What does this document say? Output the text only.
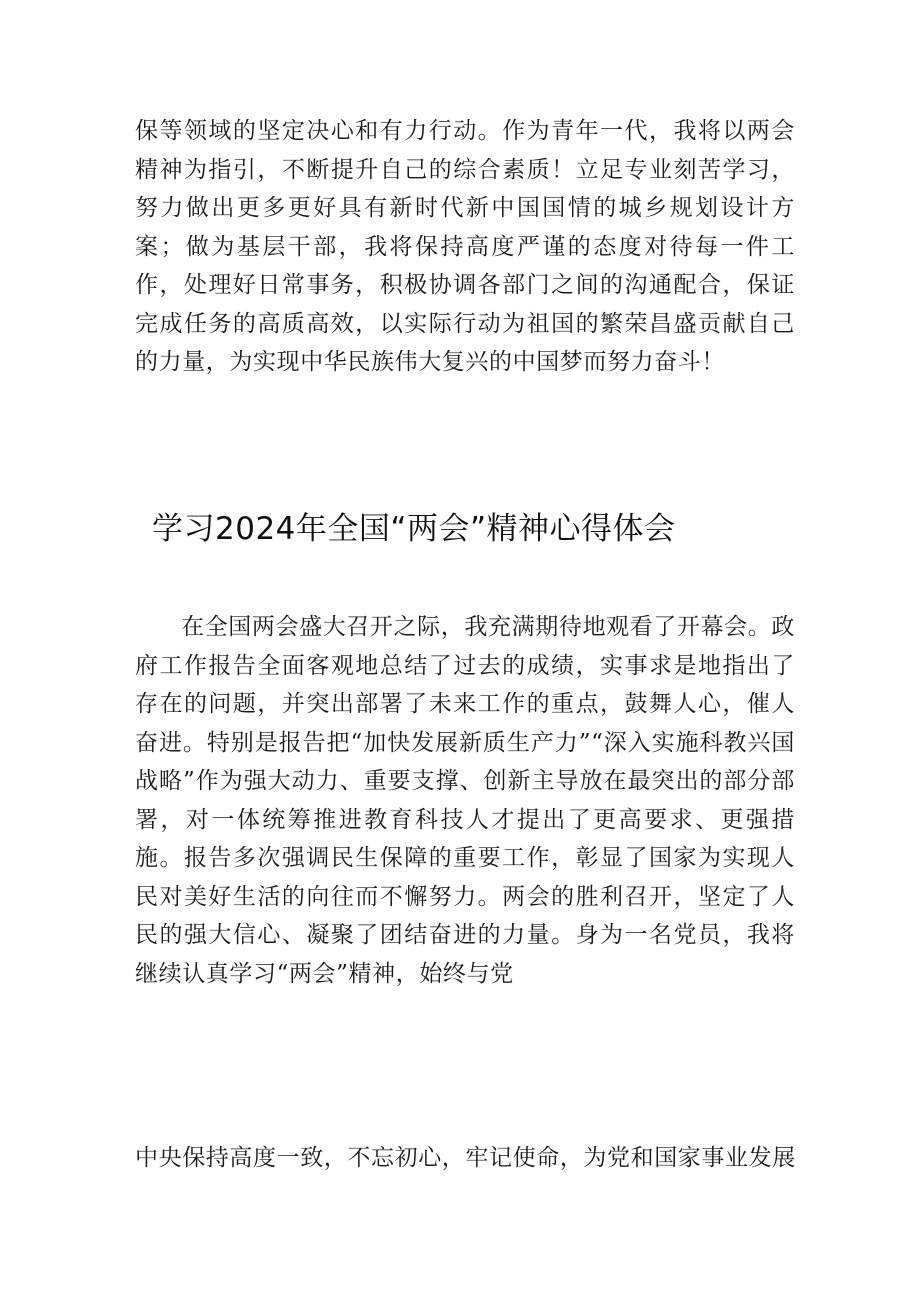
保等领域的坚定决心和有力行动。作为青年一代，我将以两会精神为指引，不断提升自己的综合素质！立足专业刻苦学习，努力做出更多更好具有新时代新中国国情的城乡规划设计方案；做为基层干部，我将保持高度严谨的态度对待每一件工作，处理好日常事务，积极协调各部门之间的沟通配合，保证完成任务的高质高效，以实际行动为祖国的繁荣昌盛贡献自己的力量，为实现中华民族伟大复兴的中国梦而努力奋斗！

学习2024年全国“两会”精神心得体会

在全国两会盛大召开之际，我充满期待地观看了开幕会。政府工作报告全面客观地总结了过去的成绩，实事求是地指出了存在的问题，并突出部署了未来工作的重点，鼓舞人心，催人奋进。特别是报告把“加快发展新质生产力”“深入实施科教兴国战略”作为强大动力、重要支撑、创新主导放在最突出的部分部署，对一体统筹推进教育科技人才提出了更高要求、更强措施。报告多次强调民生保障的重要工作，彰显了国家为实现人民对美好生活的向往而不懈努力。两会的胜利召开，坚定了人民的强大信心、凝聚了团结奋进的力量。身为一名党员，我将继续认真学习“两会”精神，始终与党

中央保持高度一致，不忘初心，牢记使命，为党和国家事业发展
